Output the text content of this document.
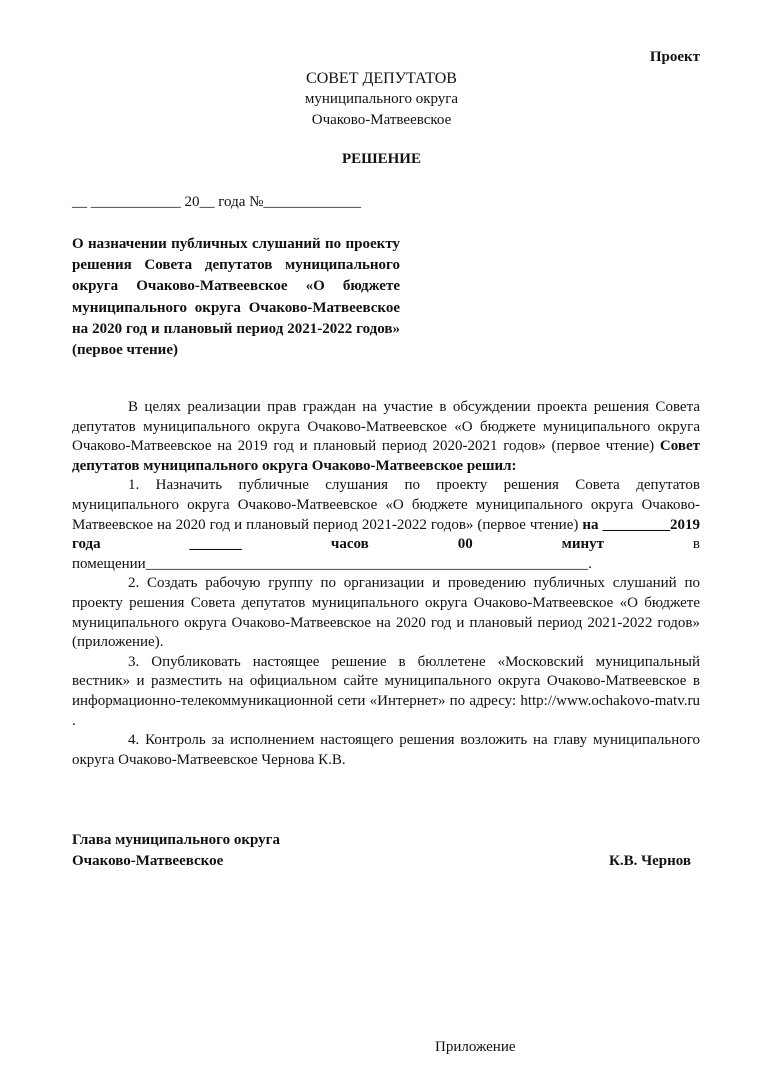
Проект
СОВЕТ ДЕПУТАТОВ
муниципального округа
Очаково-Матвеевское
РЕШЕНИЕ
__ ____________ 20__ года №_____________
О назначении публичных слушаний по проекту решения Совета депутатов муниципального округа Очаково-Матвеевское «О бюджете муниципального округа Очаково-Матвеевское на 2020 год и плановый период 2021-2022 годов» (первое чтение)

В целях реализации прав граждан на участие в обсуждении проекта решения Совета депутатов муниципального округа Очаково-Матвеевское «О бюджете муниципального округа Очаково-Матвеевское на 2019 год и плановый период 2020-2021 годов» (первое чтение) Совет депутатов муниципального округа Очаково-Матвеевское решил:

1. Назначить публичные слушания по проекту решения Совета депутатов муниципального округа Очаково-Матвеевское «О бюджете муниципального округа Очаково-Матвеевское на 2020 год и плановый период 2021-2022 годов» (первое чтение) на _________2019 года _______ часов 00 минут в помещении___________________________________________________________.

2. Создать рабочую группу по организации и проведению публичных слушаний по проекту решения Совета депутатов муниципального округа Очаково-Матвеевское «О бюджете муниципального округа Очаково-Матвеевское на 2020 год и плановый период 2021-2022 годов» (приложение).

3. Опубликовать настоящее решение в бюллетене «Московский муниципальный вестник» и разместить на официальном сайте муниципального округа Очаково-Матвеевское в информационно-телекоммуникационной сети «Интернет» по адресу: http://www.ochakovo-matv.ru .

4. Контроль за исполнением настоящего решения возложить на главу муниципального округа Очаково-Матвеевское Чернова К.В.

Глава муниципального округа
Очаково-Матвеевское	К.В. Чернов
Приложение
